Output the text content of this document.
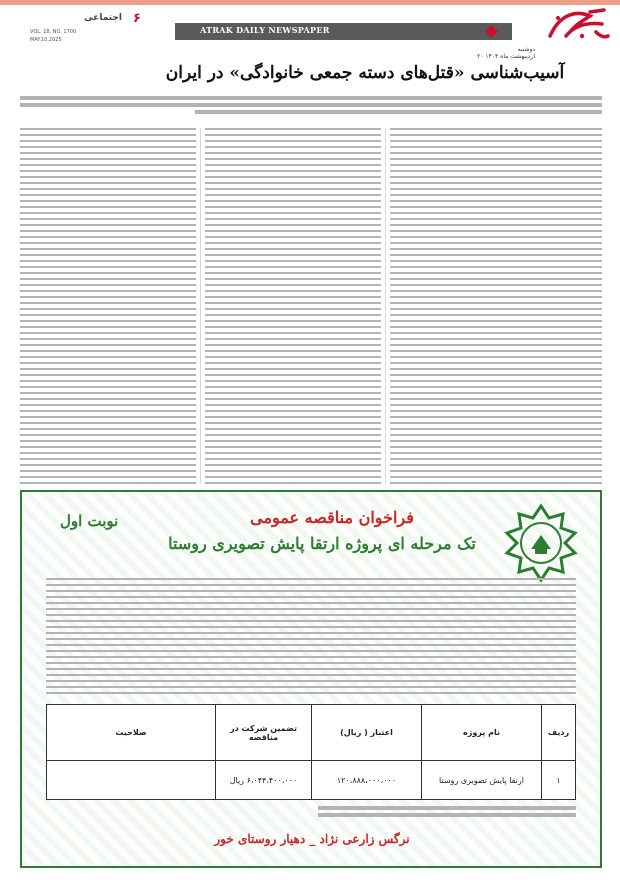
اجتماعی ۶
VOL. 18, NO. 1700
MAY.10.2025
ATRAK DAILY NEWSPAPER
دوشنبه
۲۰ اردیبهشت ماه ۱۴۰۴
آسیب‌شناسی «قتل‌های دسته جمعی خانوادگی» در ایران
نوبت اول	فراخوان مناقصه عمومی
تک مرحله ای پروژه ارتقا پایش تصویری روستا
ردیف	نام پروژه	اعتبار ( ریال)	تضمین شرکت در مناقصه	صلاحیت
۱	ارتقا پایش تصویری روستا	۱۲۰،۸۸۸،۰۰۰،۰۰۰	۶،۰۴۴،۴۰۰،۰۰۰ ریال	
نرگس زارعی نژاد _ دهیار روستای خور
